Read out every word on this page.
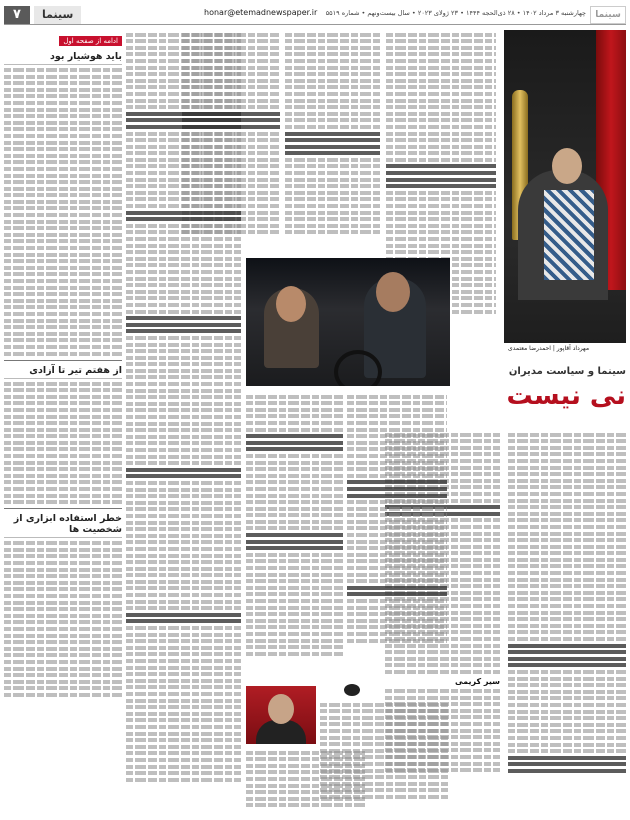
۷	سینما	honar@etemadnewspaper.ir چهارشنبه ۳ مرداد ۱۴۰۲ • ۲۸ ذی‌الحجه ۱۴۴۴ • ۲۳ ژولای ۲۰۲۳ • سال بیست‌ونهم • شماره ۵۵۱۹	سینما
ادامه از صفحه اول
باید هوشیار بود
از هفتم تیر تا آزادی
خطر استفاده ابزاری از شخصیت ها
مهرداد آقاپور | احمدرضا معتمدی
سینما و سیاست مدیران
نی نیست
سیر کریمی
